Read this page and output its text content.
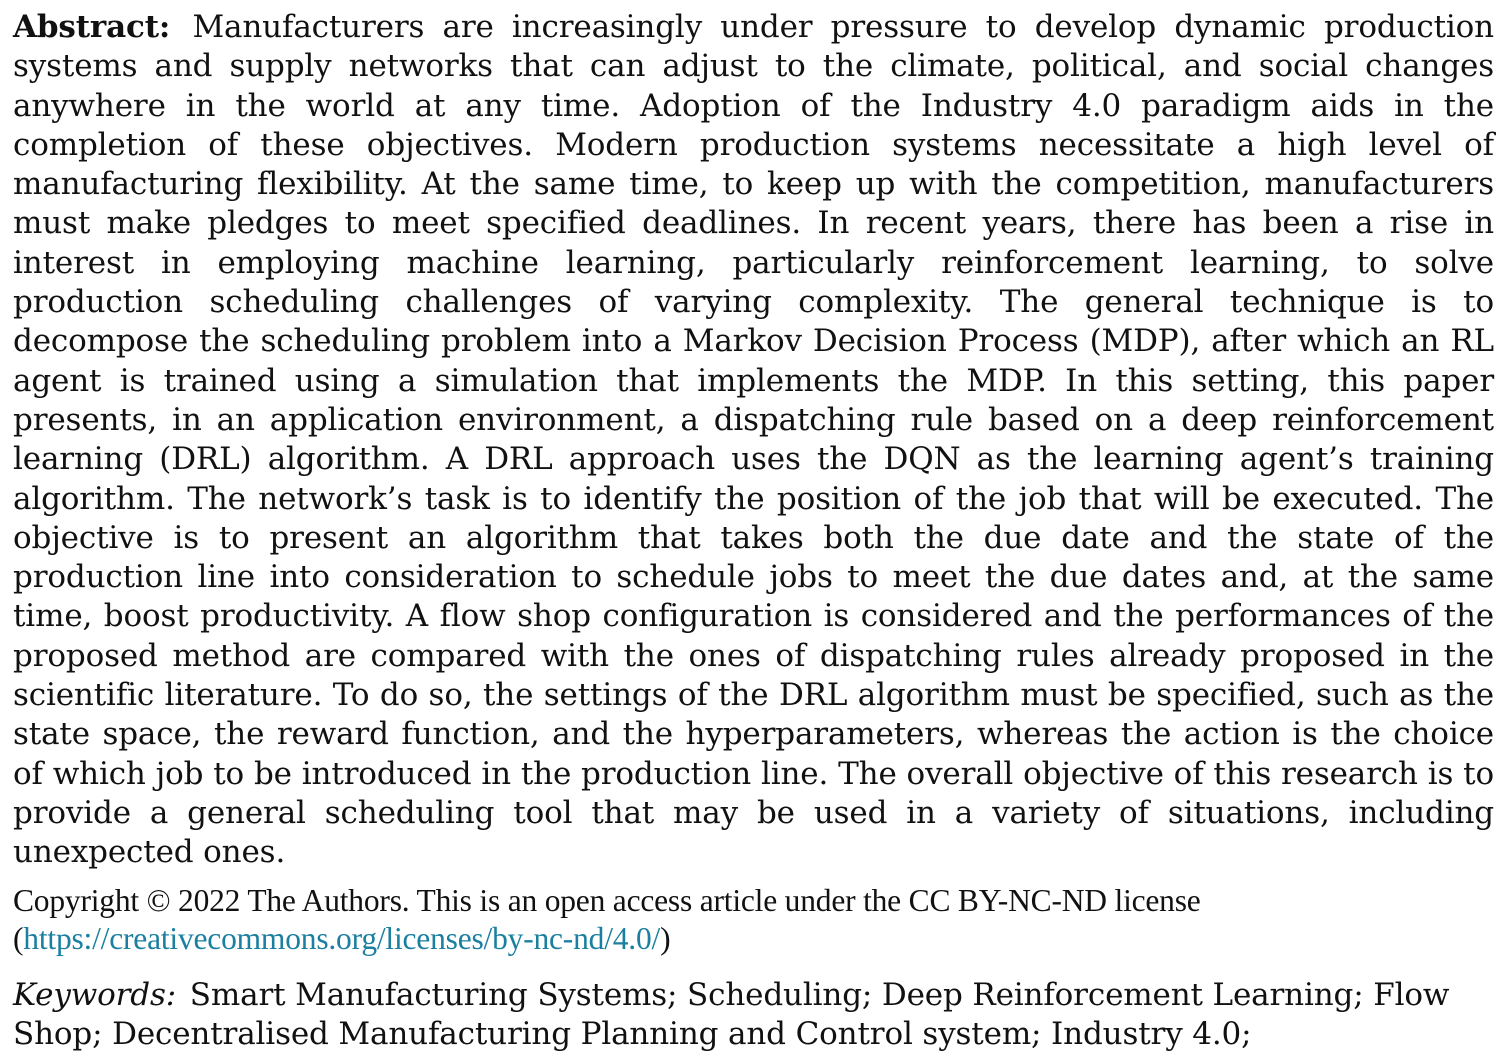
Abstract: Manufacturers are increasingly under pressure to develop dynamic production systems and supply networks that can adjust to the climate, political, and social changes anywhere in the world at any time. Adoption of the Industry 4.0 paradigm aids in the completion of these objectives. Modern production systems necessitate a high level of manufacturing flexibility. At the same time, to keep up with the competition, manufacturers must make pledges to meet specified deadlines. In recent years, there has been a rise in interest in employing machine learning, particularly reinforcement learning, to solve production scheduling challenges of varying complexity. The general technique is to decompose the scheduling problem into a Markov Decision Process (MDP), after which an RL agent is trained using a simulation that implements the MDP. In this setting, this paper presents, in an application environment, a dispatching rule based on a deep reinforcement learning (DRL) algorithm. A DRL approach uses the DQN as the learning agent’s training algorithm. The network’s task is to identify the position of the job that will be executed. The objective is to present an algorithm that takes both the due date and the state of the production line into consideration to schedule jobs to meet the due dates and, at the same time, boost productivity. A flow shop configuration is considered and the performances of the proposed method are compared with the ones of dispatching rules already proposed in the scientific literature. To do so, the settings of the DRL algorithm must be specified, such as the state space, the reward function, and the hyperparameters, whereas the action is the choice of which job to be introduced in the production line. The overall objective of this research is to provide a general scheduling tool that may be used in a variety of situations, including unexpected ones.

Copyright © 2022 The Authors. This is an open access article under the CC BY-NC-ND license
(https://creativecommons.org/licenses/by-nc-nd/4.0/)

Keywords: Smart Manufacturing Systems; Scheduling; Deep Reinforcement Learning; Flow Shop; Decentralised Manufacturing Planning and Control system; Industry 4.0;
